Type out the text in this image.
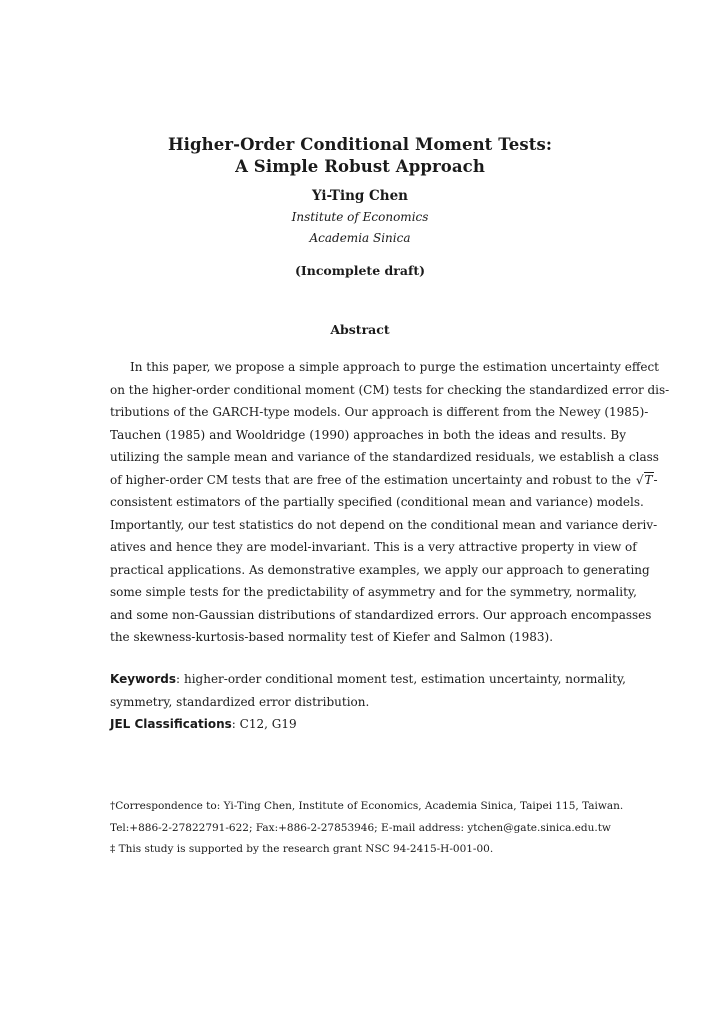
Higher-Order Conditional Moment Tests:
A Simple Robust Approach
Yi-Ting Chen
Institute of Economics
Academia Sinica
(Incomplete draft)
Abstract
In this paper, we propose a simple approach to purge the estimation uncertainty effect
on the higher-order conditional moment (CM) tests for checking the standardized error dis-
tributions of the GARCH-type models. Our approach is different from the Newey (1985)-
Tauchen (1985) and Wooldridge (1990) approaches in both the ideas and results. By
utilizing the sample mean and variance of the standardized residuals, we establish a class
of higher-order CM tests that are free of the estimation uncertainty and robust to the √T-
consistent estimators of the partially specified (conditional mean and variance) models.
Importantly, our test statistics do not depend on the conditional mean and variance deriv-
atives and hence they are model-invariant. This is a very attractive property in view of
practical applications. As demonstrative examples, we apply our approach to generating
some simple tests for the predictability of asymmetry and for the symmetry, normality,
and some non-Gaussian distributions of standardized errors. Our approach encompasses
the skewness-kurtosis-based normality test of Kiefer and Salmon (1983).
Keywords: higher-order conditional moment test, estimation uncertainty, normality,
symmetry, standardized error distribution.
JEL Classifications: C12, G19
†Correspondence to: Yi-Ting Chen, Institute of Economics, Academia Sinica, Taipei 115, Taiwan.
Tel:+886-2-27822791-622; Fax:+886-2-27853946; E-mail address: ytchen@gate.sinica.edu.tw
‡ This study is supported by the research grant NSC 94-2415-H-001-00.
